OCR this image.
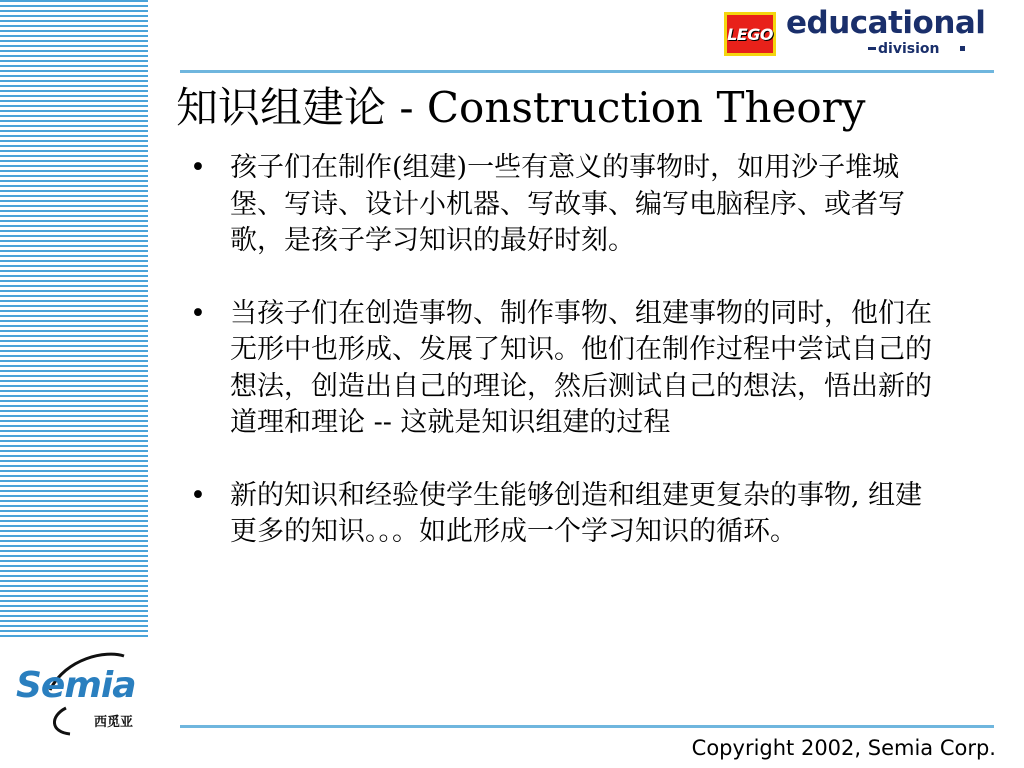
LEGO educational
division
知识组建论 - Construction Theory
• 孩子们在制作(组建)一些有意义的事物时，如用沙子堆城堡、写诗、设计小机器、写故事、编写电脑程序、或者写歌，是孩子学习知识的最好时刻。
• 当孩子们在创造事物、制作事物、组建事物的同时，他们在无形中也形成、发展了知识。他们在制作过程中尝试自己的想法，创造出自己的理论，然后测试自己的想法，悟出新的道理和理论 -- 这就是知识组建的过程
• 新的知识和经验使学生能够创造和组建更复杂的事物, 组建更多的知识。。。如此形成一个学习知识的循环。
Semia
西觅亚
Copyright 2002, Semia Corp.
